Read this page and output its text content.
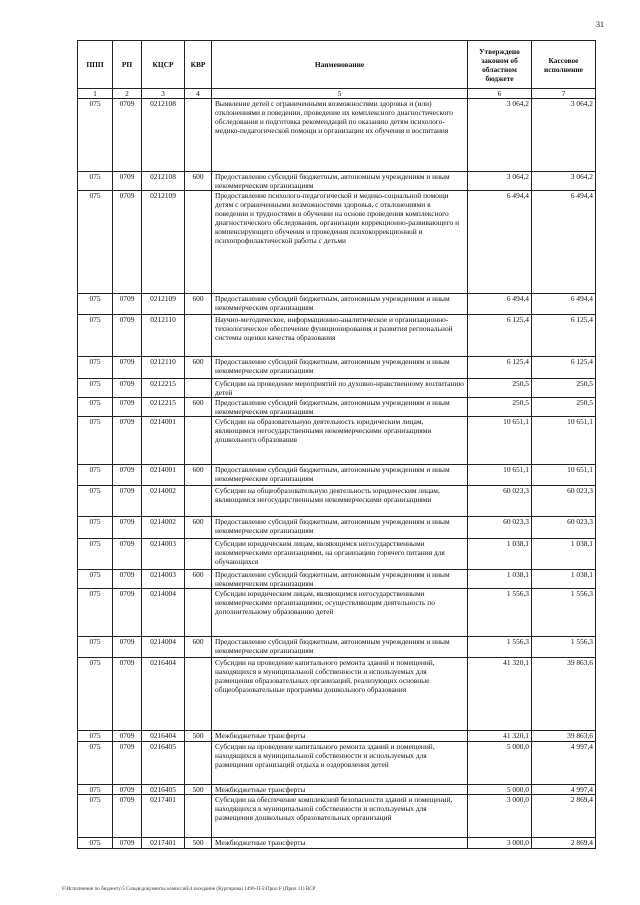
31
ППП	РП	КЦСР	КВР	Наименование	Утверждено законом об областном бюджете	Кассовое исполнение
1	2	3	4	5	6	7
075	0709	0212108		Выявление детей с ограниченными возможностями здоровья и (или) отклонениями в поведении, проведение их комплексного диагностического обследования и подготовка рекомендаций по оказанию детям психолого-медико-педагогической помощи и организации их обучения и воспитания	3 064,2	3 064,2
075	0709	0212108	600	Предоставление субсидий бюджетным, автономным учреждениям и иным некоммерческим организациям	3 064,2	3 064,2
075	0709	0212109		Предоставление психолого-педагогической и медико-социальной помощи детям с ограниченными возможностями здоровья, с отклонениями в поведении и трудностями в обучении на основе проведения комплексного диагностического обследования, организации коррекционно-развивающего и компенсирующего обучения и проведения психокоррекционной и психопрофилактической работы с детьми	6 494,4	6 494,4
075	0709	0212109	600	Предоставление субсидий бюджетным, автономным учреждениям и иным некоммерческим организациям	6 494,4	6 494,4
075	0709	0212110		Научно-методическое, информационно-аналитическое и организационно-технологическое обеспечение функционирования и развития региональной системы оценки качества образования	6 125,4	6 125,4
075	0709	0212110	600	Предоставление субсидий бюджетным, автономным учреждениям и иным некоммерческим организациям	6 125,4	6 125,4
075	0709	0212215		Субсидии на проведение мероприятий по духовно-нравственному воспитанию детей	250,5	250,5
075	0709	0212215	600	Предоставление субсидий бюджетным, автономным учреждениям и иным некоммерческим организациям	250,5	250,5
075	0709	0214001		Субсидии на образовательную деятельность юридическим лицам, являющимся негосударственными некоммерческими организациями дошкольного образования	10 651,1	10 651,1
075	0709	0214001	600	Предоставление субсидий бюджетным, автономным учреждениям и иным некоммерческим организациям	10 651,1	10 651,1
075	0709	0214002		Субсидии на общеобразовательную деятельность юридическим лицам, являющимся негосударственными некоммерческими организациями	60 023,3	60 023,3
075	0709	0214002	600	Предоставление субсидий бюджетным, автономным учреждениям и иным некоммерческим организациям	60 023,3	60 023,3
075	0709	0214003		Субсидии юридическим лицам, являющимся негосударственными некоммерческими организациями, на организацию горячего питания для обучающихся	1 038,1	1 038,1
075	0709	0214003	600	Предоставление субсидий бюджетным, автономным учреждениям и иным некоммерческим организациям	1 038,1	1 038,1
075	0709	0214004		Субсидии юридическим лицам, являющимся негосударственными некоммерческими организациями, осуществляющим деятельность по дополнительному образованию детей	1 556,3	1 556,3
075	0709	0214004	600	Предоставление субсидий бюджетным, автономным учреждениям и иным некоммерческим организациям	1 556,3	1 556,3
075	0709	0216404		Субсидии на проведение капитального ремонта зданий и помещений, находящихся в муниципальной собственности и используемых для размещения образовательных организаций, реализующих основные общеобразовательные программы дошкольного образования	41 320,1	39 863,6
075	0709	0216404	500	Межбюджетные трансферты	41 320,1	39 863,6
075	0709	0216405		Субсидии на проведение капитального ремонта зданий и помещений, находящихся в муниципальной собственности и используемых для размещения организаций отдыха и оздоровления детей	5 000,0	4 997,4
075	0709	0216405	500	Межбюджетные трансферты	5 000,0	4 997,4
075	0709	0217401		Субсидии на обеспечение комплексной безопасности зданий и помещений, находящихся в муниципальной собственности и используемых для размещения дошкольных образовательных организаций	3 000,0	2 869,4
075	0709	0217401	500	Межбюджетные трансферты	3 000,0	2 869,4
F\Исполнение по бюджету\5 Созыв\документы комиссий\4 заседание (Кургирова) 1496-П-5\Прил F (Прил 11) ВСР
